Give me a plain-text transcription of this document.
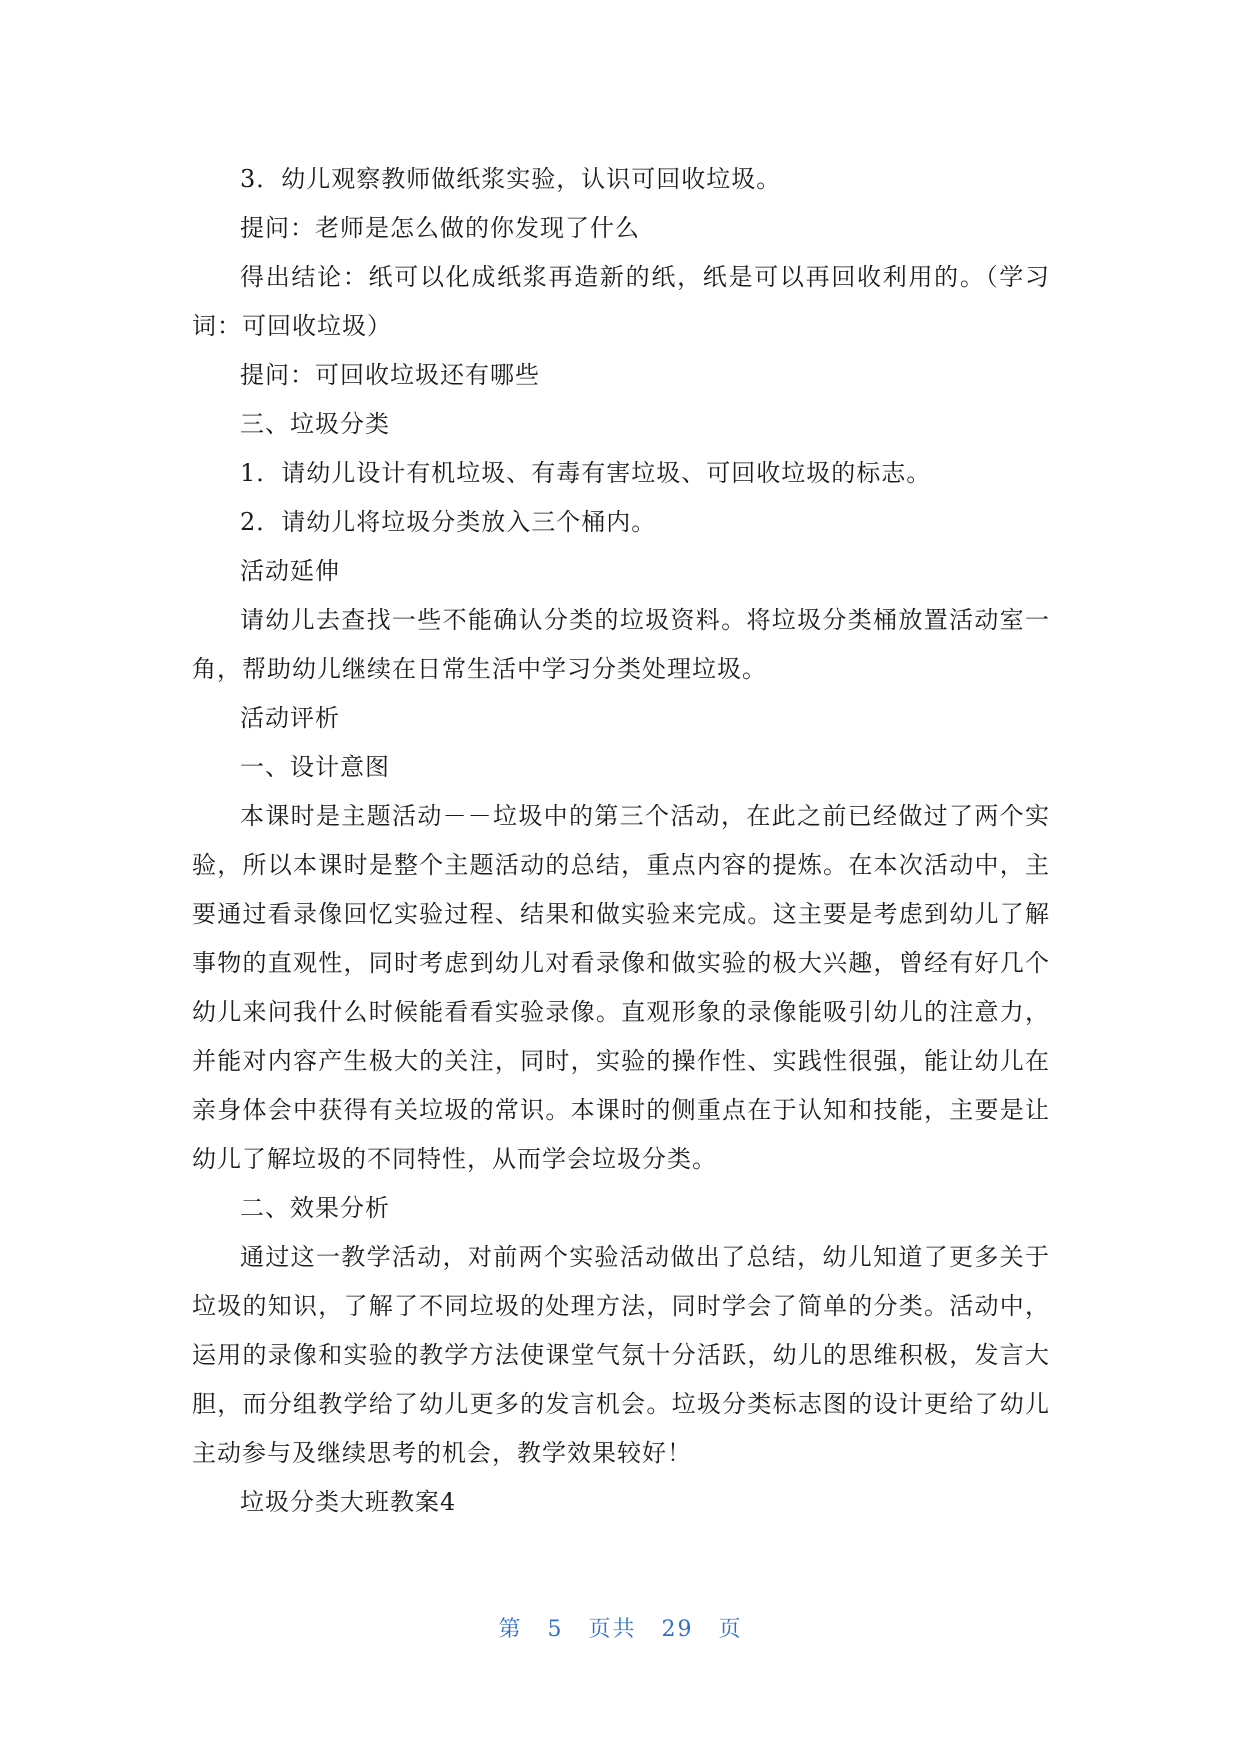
3．幼儿观察教师做纸浆实验，认识可回收垃圾。

提问：老师是怎么做的你发现了什么

得出结论：纸可以化成纸浆再造新的纸，纸是可以再回收利用的。（学习词：可回收垃圾）

提问：可回收垃圾还有哪些

三、垃圾分类

1．请幼儿设计有机垃圾、有毒有害垃圾、可回收垃圾的标志。

2．请幼儿将垃圾分类放入三个桶内。

活动延伸

请幼儿去查找一些不能确认分类的垃圾资料。将垃圾分类桶放置活动室一角，帮助幼儿继续在日常生活中学习分类处理垃圾。

活动评析

一、设计意图

本课时是主题活动－－垃圾中的第三个活动，在此之前已经做过了两个实验，所以本课时是整个主题活动的总结，重点内容的提炼。在本次活动中，主要通过看录像回忆实验过程、结果和做实验来完成。这主要是考虑到幼儿了解事物的直观性，同时考虑到幼儿对看录像和做实验的极大兴趣，曾经有好几个幼儿来问我什么时候能看看实验录像。直观形象的录像能吸引幼儿的注意力，并能对内容产生极大的关注，同时，实验的操作性、实践性很强，能让幼儿在亲身体会中获得有关垃圾的常识。本课时的侧重点在于认知和技能，主要是让幼儿了解垃圾的不同特性，从而学会垃圾分类。

二、效果分析

通过这一教学活动，对前两个实验活动做出了总结，幼儿知道了更多关于垃圾的知识，了解了不同垃圾的处理方法，同时学会了简单的分类。活动中，运用的录像和实验的教学方法使课堂气氛十分活跃，幼儿的思维积极，发言大胆，而分组教学给了幼儿更多的发言机会。垃圾分类标志图的设计更给了幼儿主动参与及继续思考的机会，教学效果较好！

垃圾分类大班教案4

第 5 页共 29 页
